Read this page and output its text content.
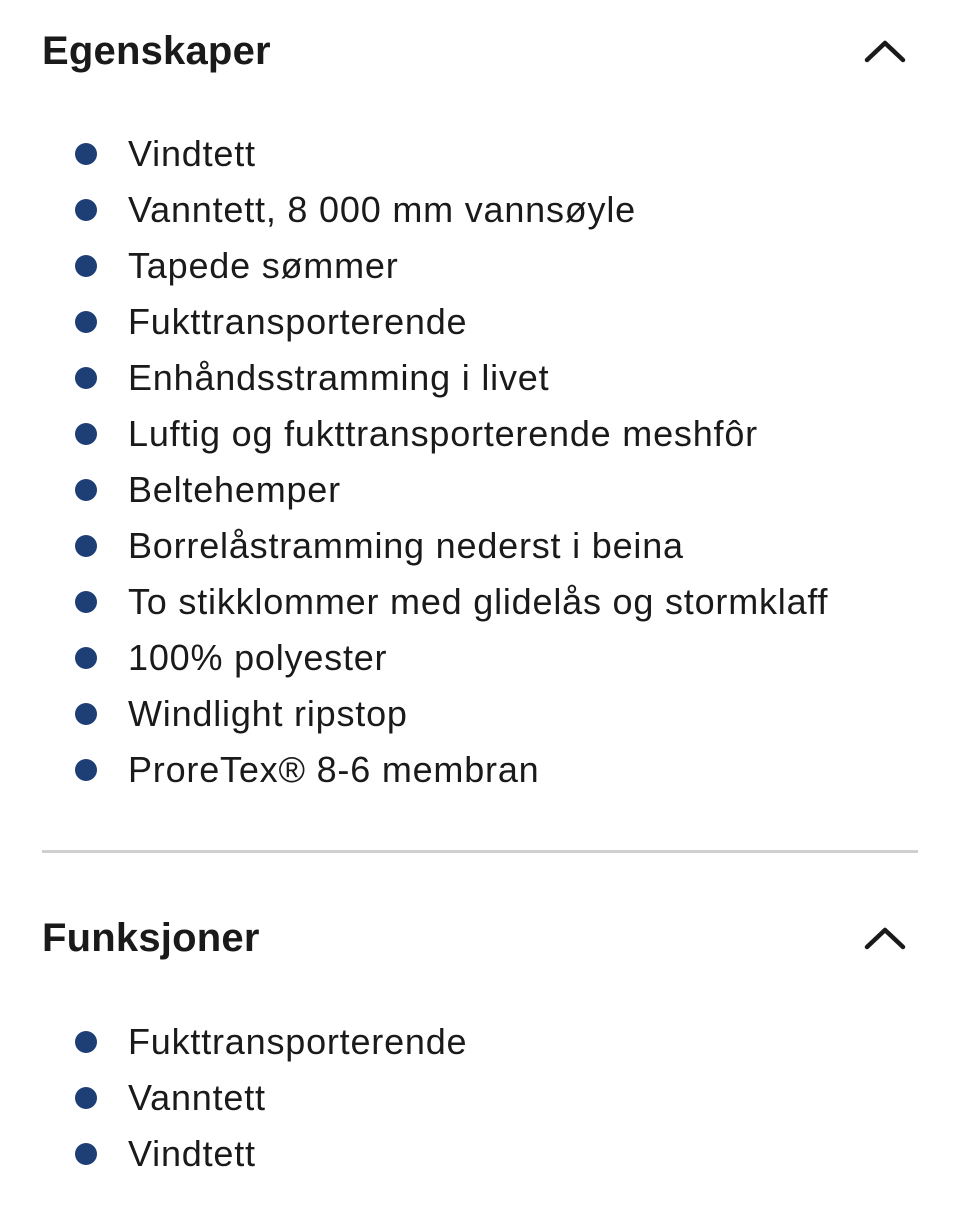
Egenskaper
Vindtett
Vanntett, 8 000 mm vannsøyle
Tapede sømmer
Fukttransporterende
Enhåndsstramming i livet
Luftig og fukttransporterende meshfôr
Beltehemper
Borrelåstramming nederst i beina
To stikklommer med glidelås og stormklaff
100% polyester
Windlight ripstop
ProreTex® 8-6 membran
Funksjoner
Fukttransporterende
Vanntett
Vindtett
